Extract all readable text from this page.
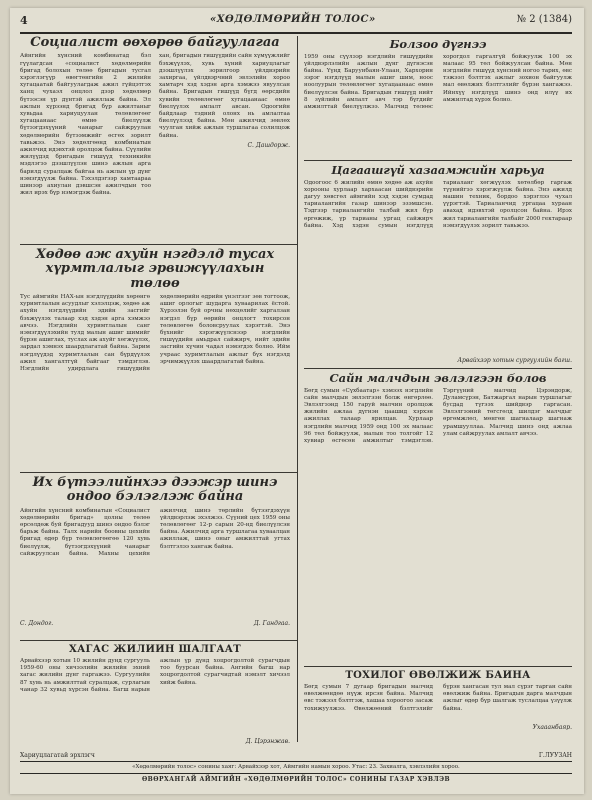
4	«ХӨДӨЛМӨРИЙН ТОЛОС»	№ 2 (1384)
Социалист өөхөрөө байгуулагаа
Айнгийн хүнсний комбинатад бэл гүүлагдсан «социалист хөдөлмөрийн бригад болохын төлөө бригадын тусгал хэрэглэгүүр өвөгтөнгийн 2 жилийн хугацаатай байгуулагдаж ажил гүйцэтгэх ханц чухаэл онцлол дээр хөдөлмөр бүтээсэн үр дүнтэй ажиллаж байна. Эл ажлын хүрээнд бригад бүр ажилтаныг хувьдаа хариуцуулан төлөвлөгөөг хугацаанаас өмнө биелүүлж бүтээгдэхүүний чанарыг сайжруулан хөдөлмөрийн бүтээмжийг өсгөх зорилт тавьжээ. Энэ хөдөлгөөнд комбинатын ажилчид идэвхтэй оролцож байна. Сүүлийн жилүүдэд бригадын гишүүд техникийн мэдлэгээ дээшлүүлэн шинэ ажлын арга барилд суралцаж байгаа нь ажлын үр дүнг нэмэгдүүлж байна. Тэхэлдэгээр хамтаараа шинээр ахиулан дэвшсэн ажилчдын тоо жил ирэх бүр нэмэгдэж байна.
хан, бригадын гишүүдийн сайн хүмүүжлийг бэхжүүлэх, хувь хүний хариуцлагыг дээшлүүлэх зорилгоор үйлдвэрийн захиргаа, үйлдвэрчний эвлэлийн хороо хамтарч хэд хэдэн арга хэмжээ явуулсан байна. Бригадын гишүүд бүгд өөрсдийн хувийн төлөвлөгөөг хугацаанаас өмнө биелүүлэх амлалт авсан. Одоогийн байдлаар тэдний олонх нь амлалтаа биелүүлээд байна. Мөн ажилчид зөвлөх чуулган хийж ажлын туршлагаа солилцож байна.
С. Дашдорж.
Болзоо дүгнээ
1959 оны сүүлээр нэгдлийн гишүүдийн үйлдвэрлэлийн ажлын дүнг дүгнэсэн байна. Үүнд Баруунбаян-Улаан, Хархорин зэрэг нэгдлүүд малын ашиг шим, ноос ноолуурын төлөвлөгөөг хугацаанаас өмнө биелүүлсэн байна. Бригадын гишүүд нийт 8 зүйлийн амлалт авч тэр бүгдийг амжилттай биелүүлжээ. Малчид төлөөс хорогдол гаргалгүй бойжуулж 100 эх малаас 95 төл бойжуулсан байна. Мөн нэгдлийн гишүүд хүнсний ногоо тарих, өвс тэжээл бэлтгэх ажлыг зохион байгуулж мал өвөлжих бэлтгэлийг бүрэн хангажээ. Ийнхүү нэгдлүүд шинэ онд илүү их амжилтад хүрэх болно.
Цагаашгүй хазаамжийн харьуа
Одоогоос 6 жилийн өмнө хөдөө аж ахуйн хорооны хурлаар хархаасан шийдвэрийн дагуу хөвсгөл аймгийн хэд хэдэн сумдад тариалангийн газар шинээр эзэмшсэн. Тэдгээр тариалангийн талбай жил бүр өргөжиж, үр тарианы ургац сайжирч байна. Хэд хэдэн сумын нэгдлүүд тариаланг хөгжүүлэх хөтөлбөр гаргаж түүнийгээ хэрэгжүүлж байна. Энэ ажилд машин техник, бордоо хэрэглээ чухал үүрэгтэй. Тариаланчид ургацаа хураан авахад идэвхтэй оролцсон байна. Ирэх жил тариалангийн талбайг 2000 гектараар нэмэгдүүлэх зорилт тавьжээ.
Арвайхээр хотын сургуулийн багш.
Сайн малчдын эвлэлгээн болов
Бөгд сумын «Сүхбаатар» хэмээх нэгдлийн сайн малчдын эвлэлгээн болж өнгөрлөө. Эвлэлгээнд 150 гаруй малчин оролцож жилийн ажлаа дүгнэн цаашид хэрхэн ажиллах талаар ярилцав. Хурлаар нэгдлийн малчид 1959 онд 100 эх малаас 96 төл бойжуулж, малын тоо толгойг 12 хувиар өсгөсөн амжилтыг тэмдэглэв. Тэргүүний малчид Цэрэндорж, Дуламсүрэн, Батжаргал нарын туршлагыг бусдад түгээх шийдвэр гаргасан. Эвлэлгээний төгсгөлд шилдэг малчдыг өргөмжлөл, мөнгөн шагналаар шагнаж урамшууллаа. Малчид шинэ онд ажлаа улам сайжруулах амлалт авчээ.
Хөдөө аж ахуйн нэгдэлд тусах хүрмтлалыг эрвижүүлахын төлөө
Тус аймгийн НАХ-ын нэгдлүүдийн хөрөнгө хуримтлалын асуудлыг хэлэлцэж, хөдөө аж ахуйн нэгдлүүдийн эдийн засгийг бэхжүүлэх талаар хэд хэдэн арга хэмжээ авчээ. Нэгдлийн хуримтлалын санг нэмэгдүүлэхийн тулд малын ашиг шимийг бүрэн ашиглах, туслах аж ахуйг хөгжүүлэх, зардал хэмнэх шаардлагатай байна. Зарим нэгдлүүдэд хуримтлалын сан бүрдүүлэх ажил хангалтгүй байгааг тэмдэглэв. Нэгдлийн удирдлага гишүүдийн хөдөлмөрийн өдрийн үнэлгээг зөв тогтоож, ашиг орлогыг шударга хуваарилах ёстой. Хүрээлэн буй орчны нөхцөлийг харгалзан нэгдэл бүр өөрийн онцлогт тохирсон төлөвлөгөө боловсруулах хэрэгтэй. Энэ бүхнийг хэрэгжүүлснээр нэгдлийн гишүүдийн амьдрал сайжирч, нийт эдийн засгийн хүчин чадал нэмэгдэх болно. Ийм учраас хуримтлалын ажлыг бүх нэгдэлд эрчимжүүлэх шаардлагатай байна.
Их бүтээлийнхээ дээжэр шинэ ондоо бэлэглэж байна
Айнгийн хүнсний комбинатын «Социалист хөдөлмөрийн бригад» цолны төлөө өрсөлдөж буй бригадууд шинэ ондоо бэлэг барьж байна. Талх нарийн боовны цехийн бригад өдөр бүр төлөвлөгөөгөө 120 хувь биелүүлж, бүтээгдэхүүний чанарыг сайжруулсан байна. Махны цехийн ажилчид шинэ төрлийн бүтээгдэхүүн үйлдвэрлэж эхэлжээ. Сүүний цех 1959 оны төлөвлөгөөг 12-р сарын 20-нд биелүүлсэн байна. Ажилчид арга туршлагаа хуваалцан ажиллаж, шинэ оныг амжилттай угтах бэлтгэлээ хангаж байна.
С. Дондог.	Д. Гандгаа.
ХАГАС ЖИЛИЙН ШАЛГААТ
Арвайхээр хотын 10 жилийн дунд сургууль 1959-60 оны хичээлийн жилийн эхний хагас жилийн дүнг гаргажээ. Сургуулийн 87 хувь нь амжилттай суралцаж, сурлагын чанар 32 хувьд хүрсэн байна. Багш нарын ажлын үр дүнд хоцрогдолтой сурагчдын тоо буурсан байна. Ангийн багш нар хоцрогдолтой сурагчидтай нэмэлт хичээл хийж байна.
Д. Цэрэнжав.
ТОХИЛОГ ӨВӨЛЖИЖ БАЙНА
Бөгд сумын 7 дугаар бригадын малчид өвөлжөөндөө нүүж ирсэн байна. Малчид өвс тэжээл бэлтгэж, хашаа хороогоо засаж тохижуулжээ. Өвөлжөөний бэлтгэлийг бүрэн хангасан тул мал сүрэг тарган сайн өвөлжиж байна. Бригадын дарга малчдын ажлыг өдөр бүр шалгаж туслалцаа үзүүлж байна.
Ухааанбаяр.
Хариуцлагатай эрхлэгч	Г.ЛУУЗАН
«Хөдөлмөрийн толос» сонины хаяг: Арвайхээр хот, Аймгийн намын хороо. Утас: 23. Захиалга, хэвлэлийн хороо.
ӨВӨРХАНГАЙ АЙМГИЙН «ХӨДӨЛМӨРИЙН ТОЛОС» СОНИНЫ ГАЗАР ХЭВЛЭВ
